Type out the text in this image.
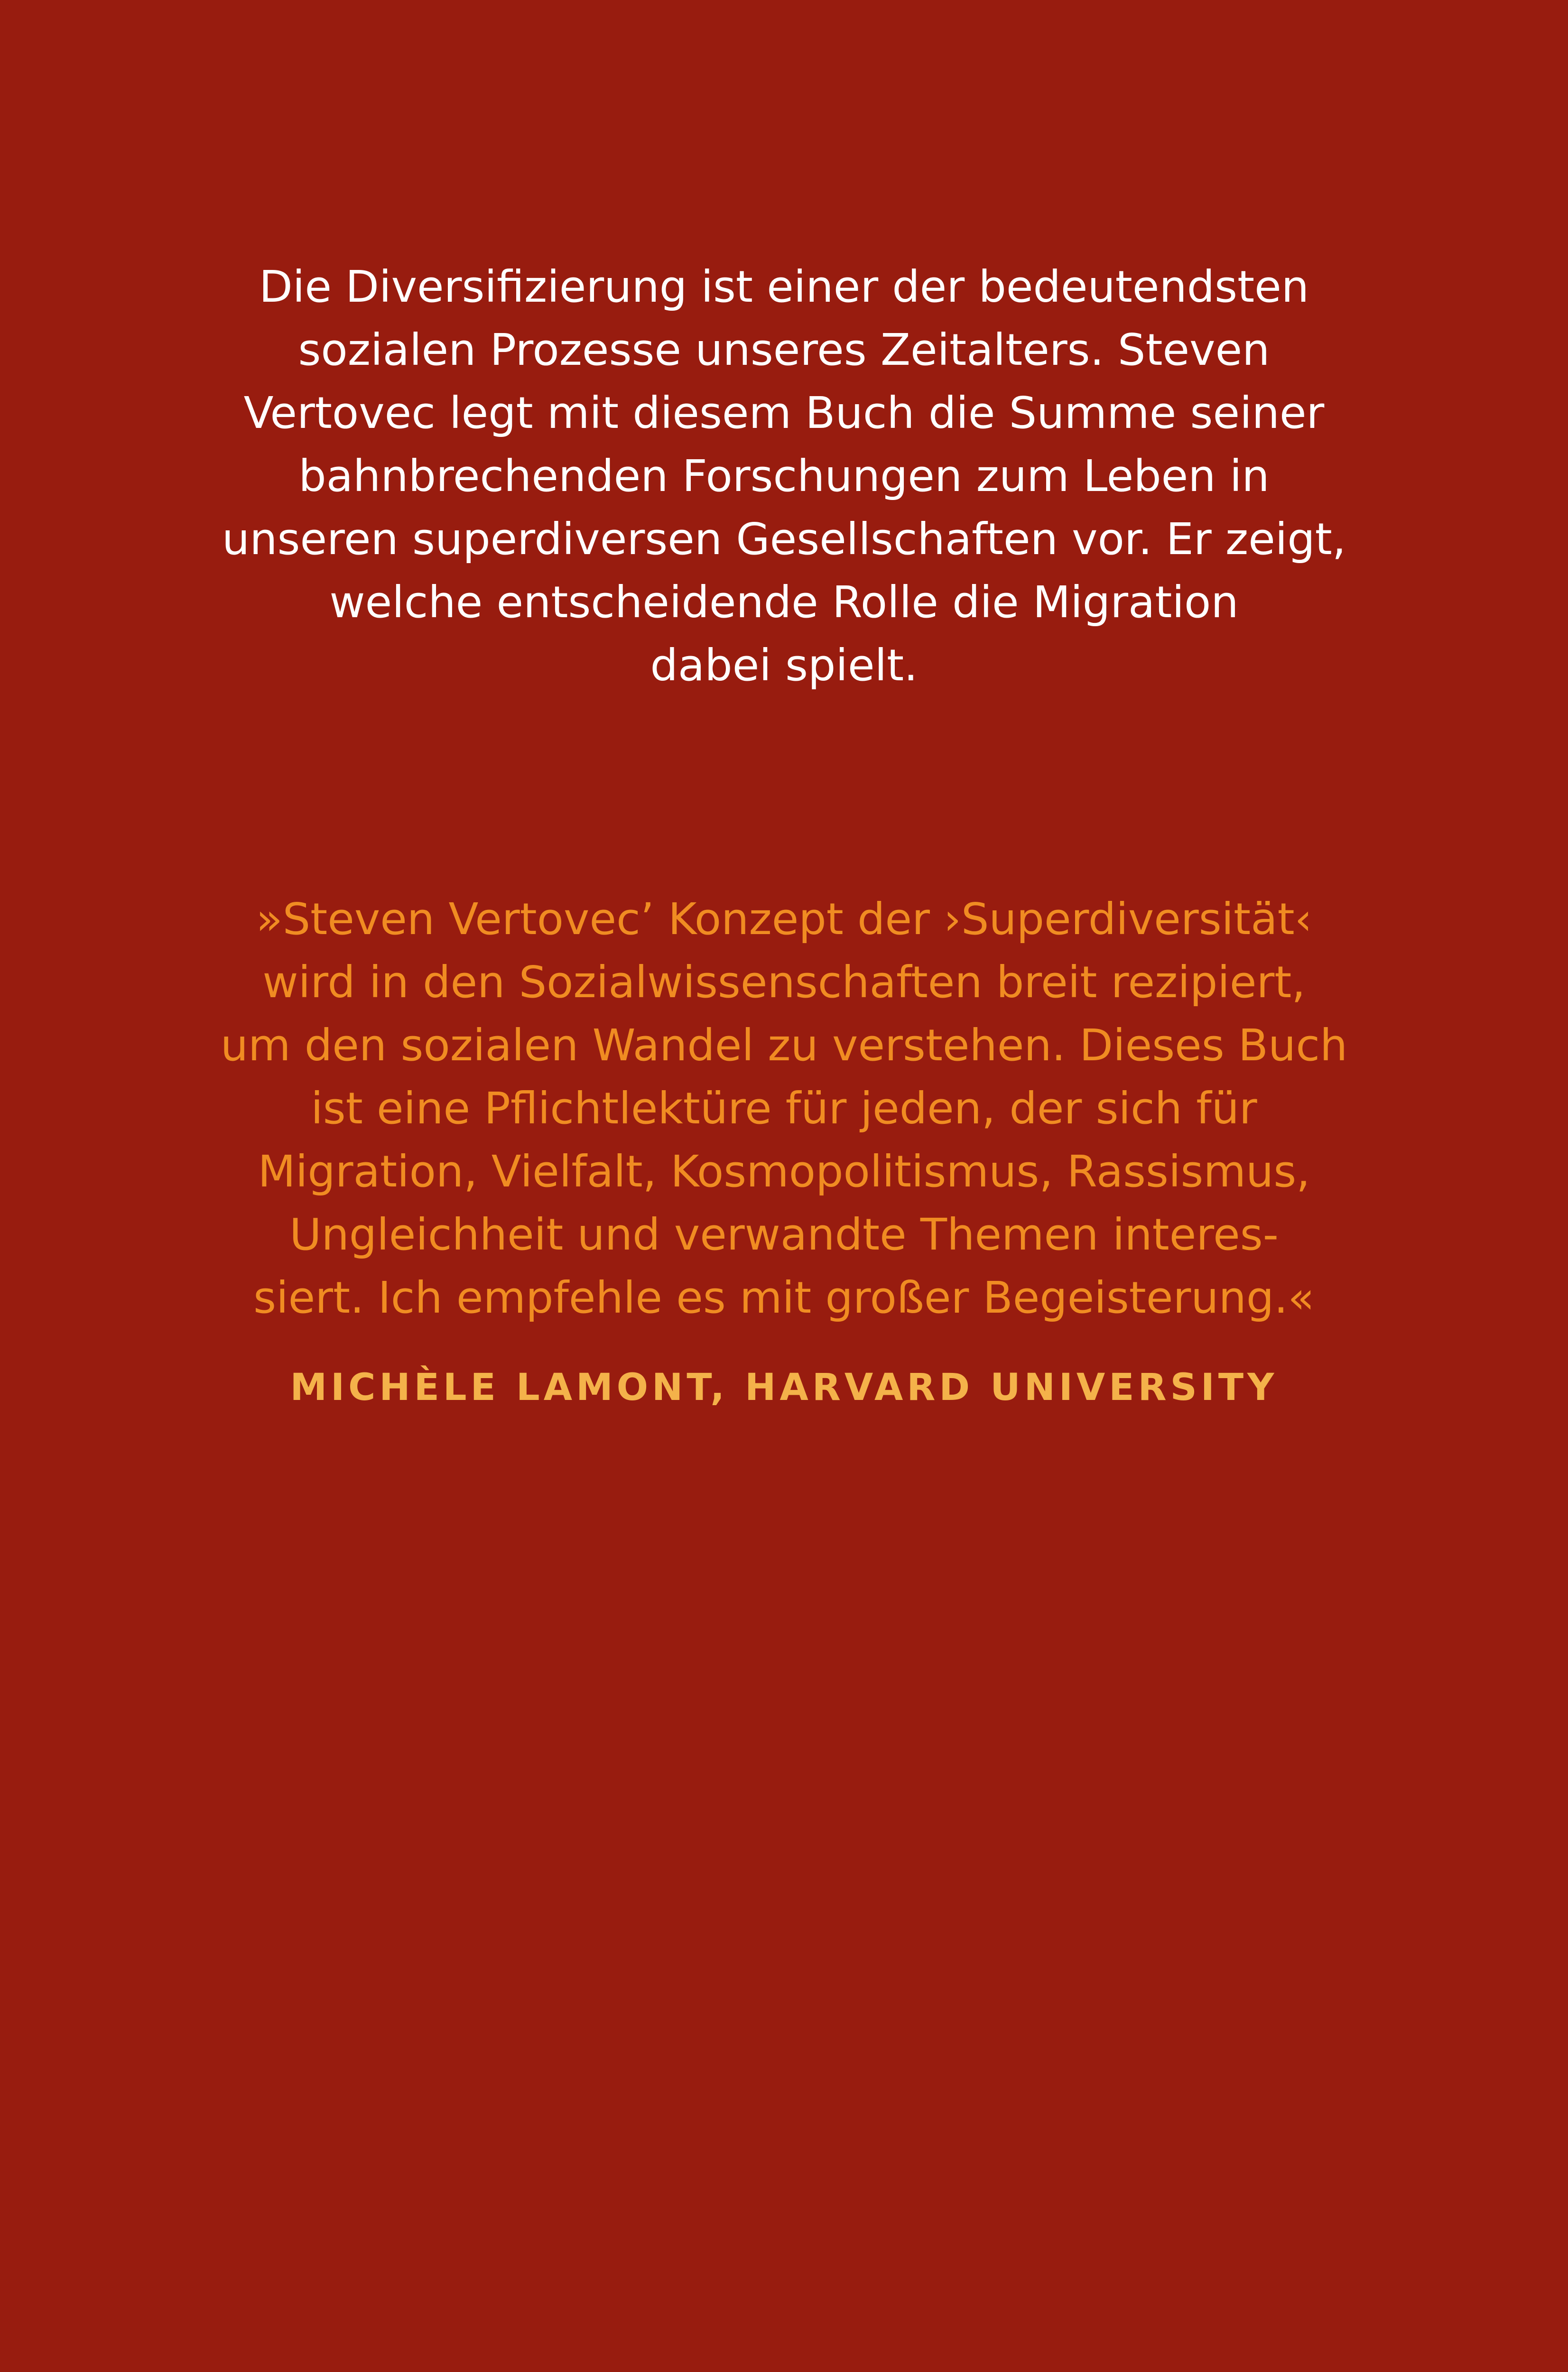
Die Diversifizierung ist einer der bedeutendsten
sozialen Prozesse unseres Zeitalters. Steven
Vertovec legt mit diesem Buch die Summe seiner
bahnbrechenden Forschungen zum Leben in
unseren superdiversen Gesellschaften vor. Er zeigt,
welche entscheidende Rolle die Migration
dabei spielt.
»Steven Vertovec’ Konzept der ›Superdiversität‹
wird in den Sozialwissenschaften breit rezipiert,
um den sozialen Wandel zu verstehen. Dieses Buch
ist eine Pflichtlektüre für jeden, der sich für
Migration, Vielfalt, Kosmopolitismus, Rassismus,
Ungleichheit und verwandte Themen interes-
siert. Ich empfehle es mit großer Begeisterung.«
MICHÈLE LAMONT, HARVARD UNIVERSITY
